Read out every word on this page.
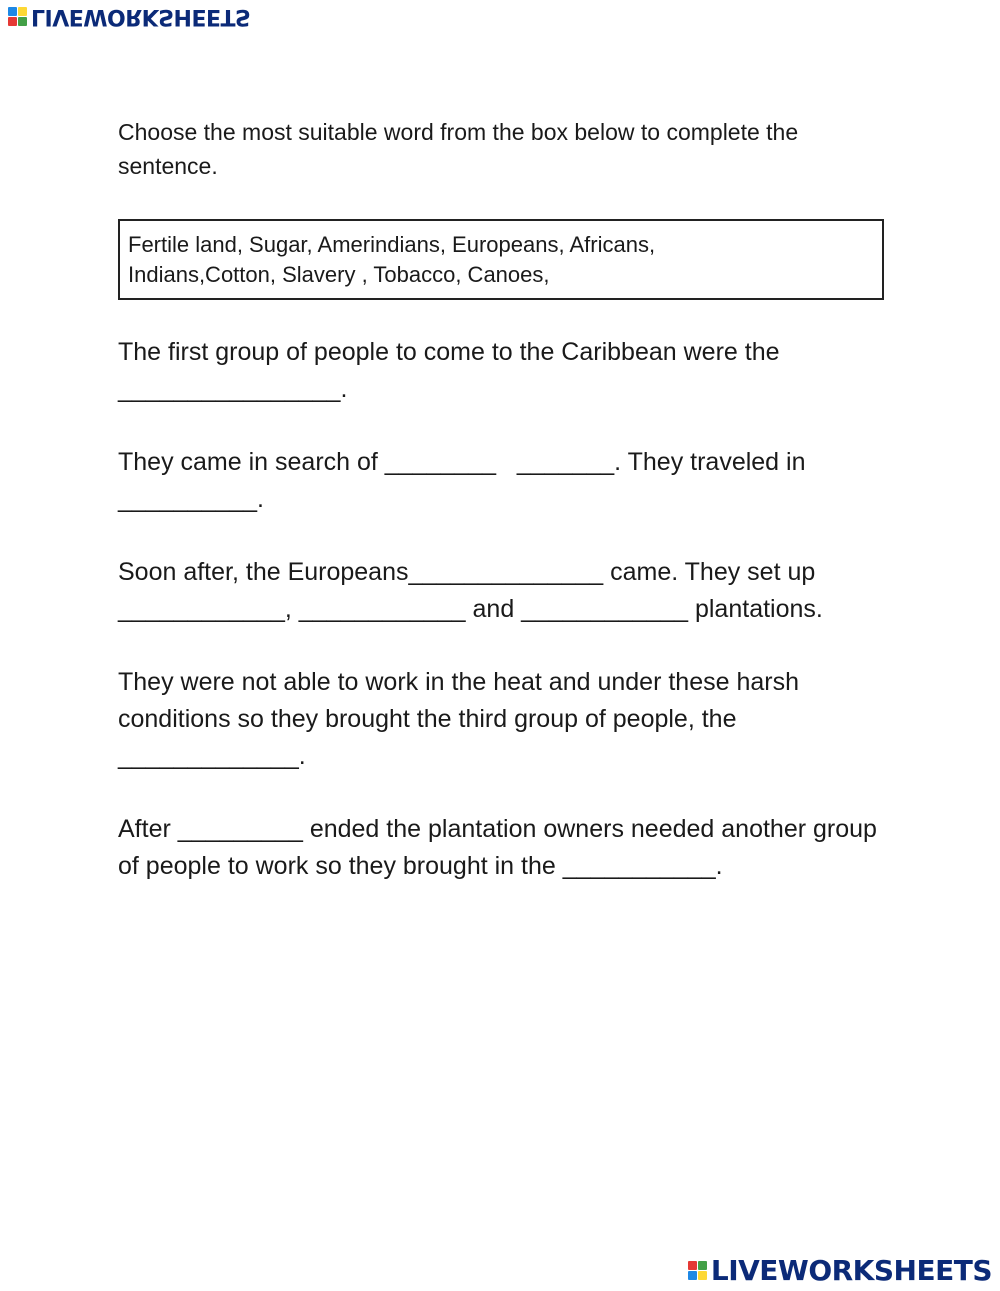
LIVEWORKSHEETS

Choose the most suitable word from the box below to complete the sentence.

Fertile land, Sugar, Amerindians, Europeans, Africans,
Indians,Cotton, Slavery , Tobacco, Canoes,

The first group of people to come to the Caribbean were the ________________.

They came in search of ________   _______. They traveled in __________.

Soon after, the Europeans______________ came. They set up ____________, ____________ and ____________ plantations.

They were not able to work in the heat and under these harsh conditions so they brought the third group of people, the _____________.

After _________ ended the plantation owners needed another group of people to work so they brought in the ___________.

LIVEWORKSHEETS
